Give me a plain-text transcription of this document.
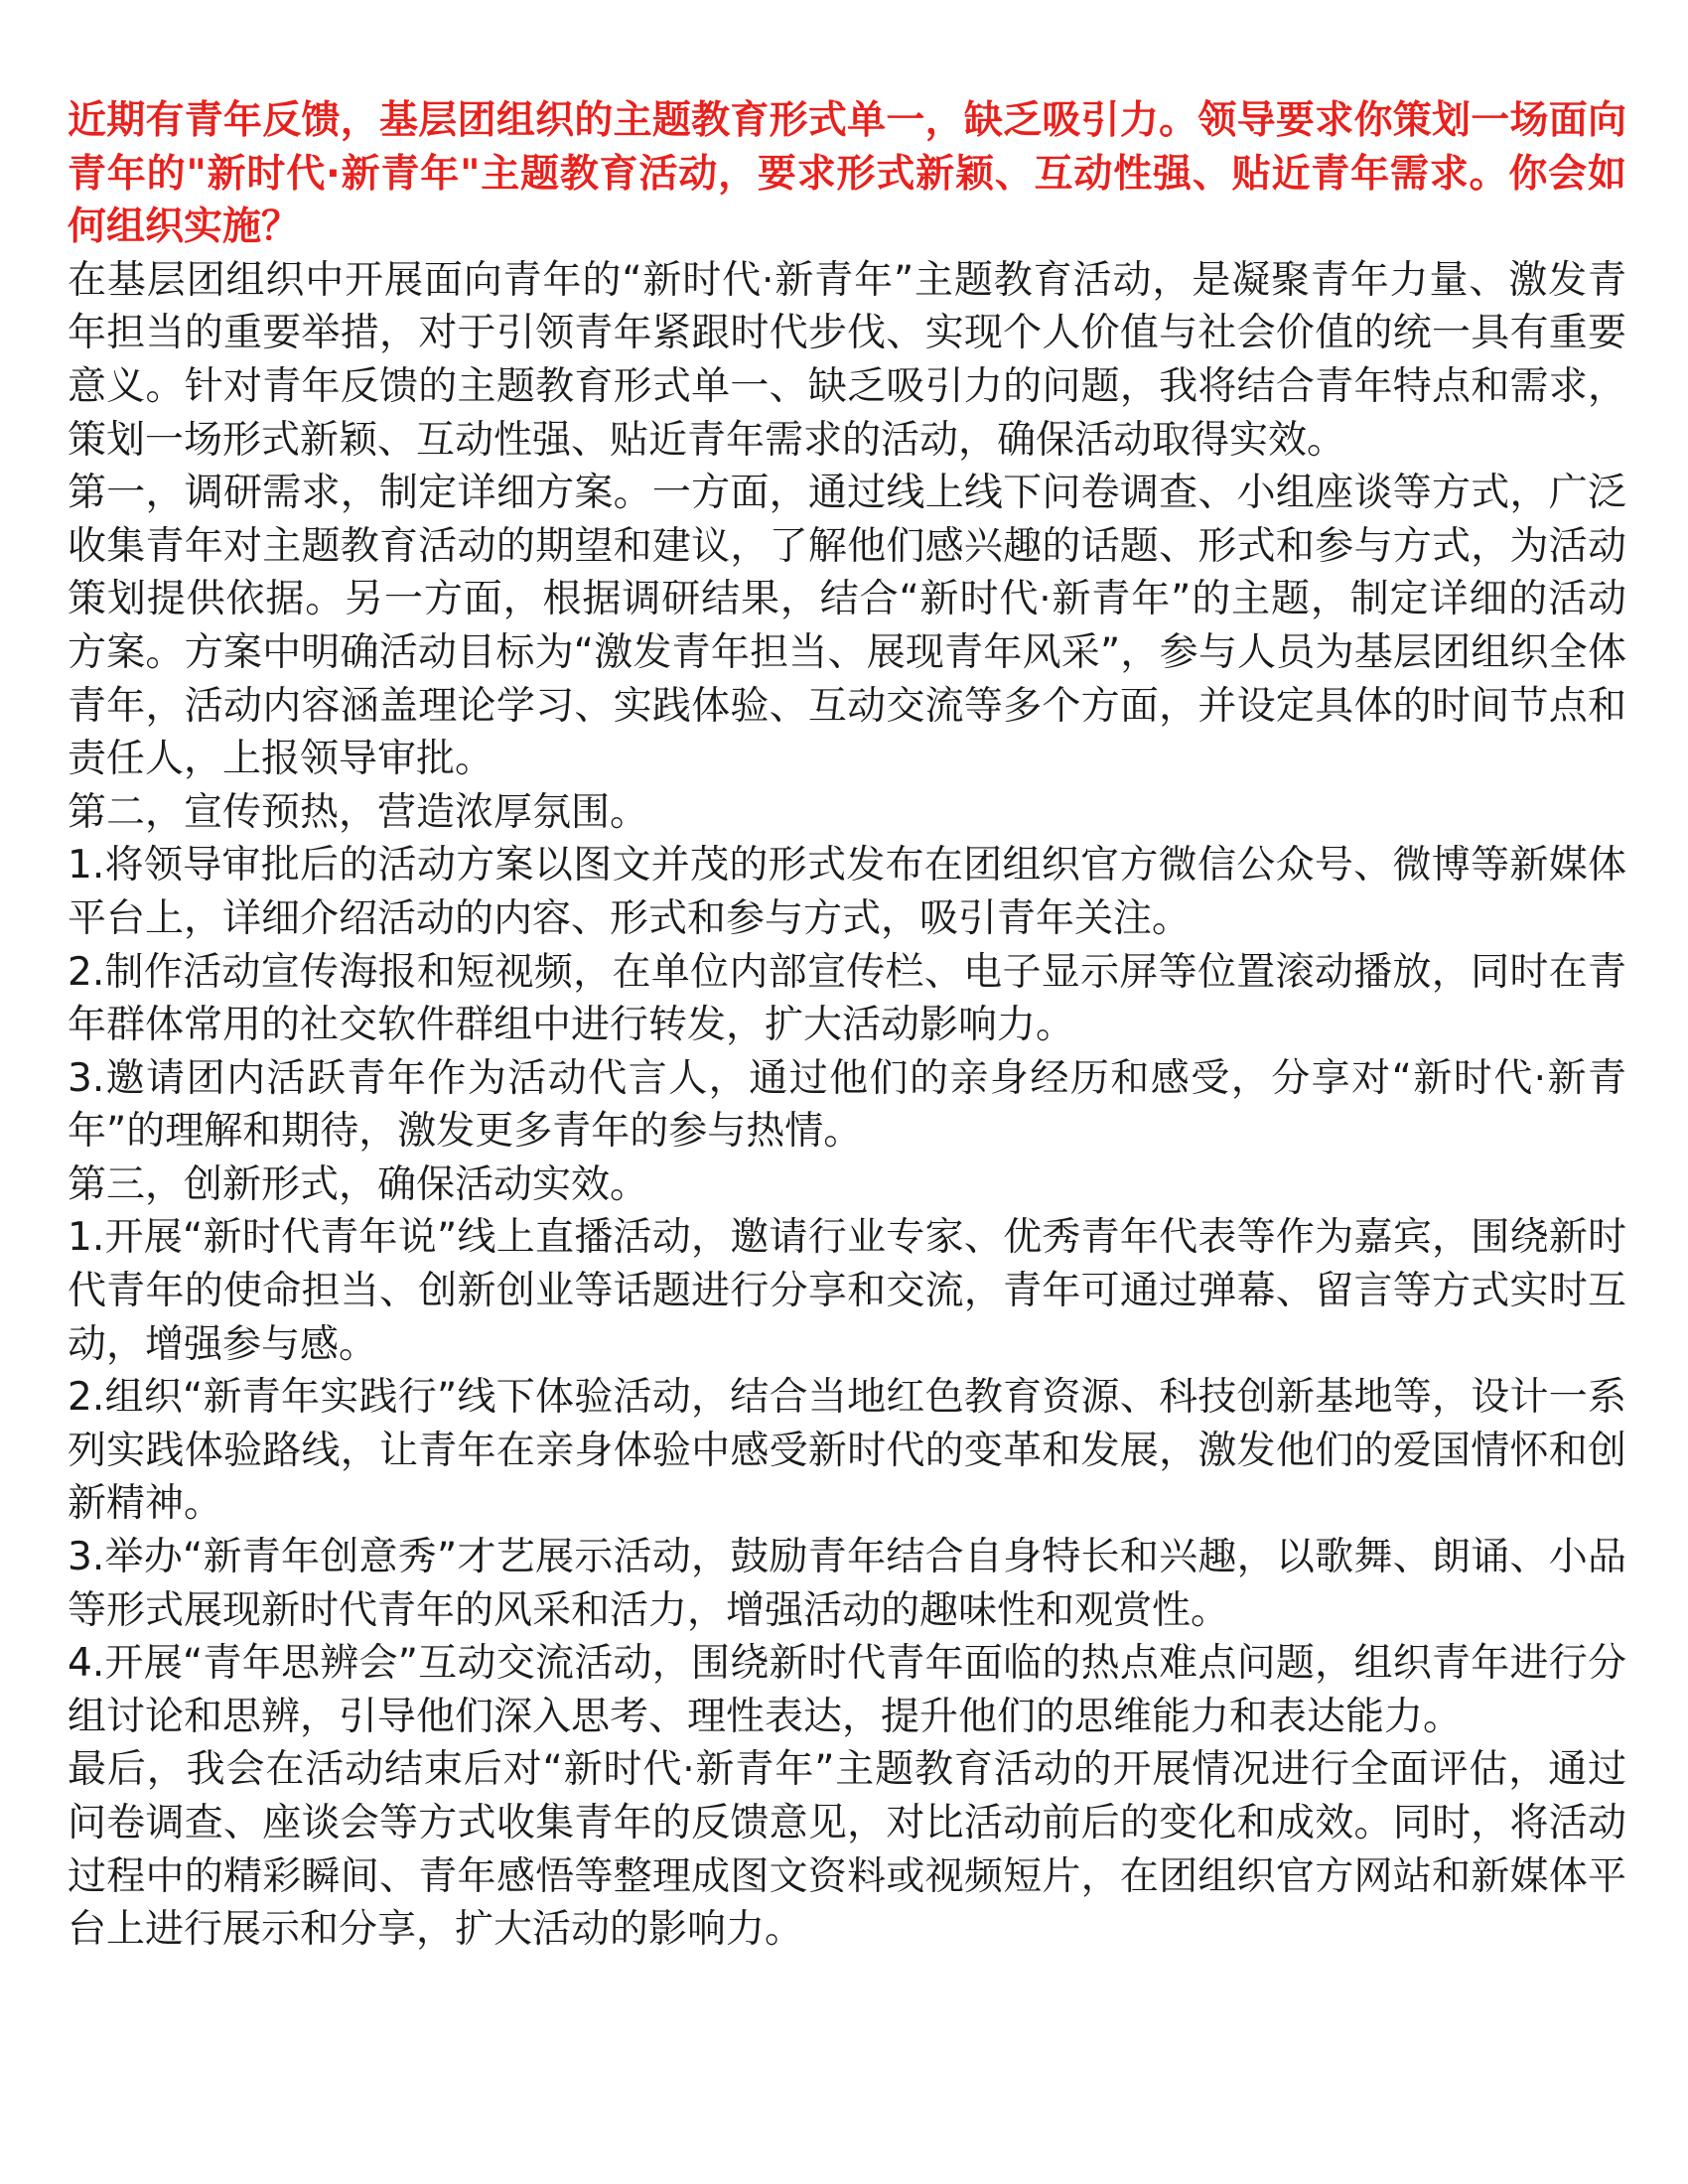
近期有青年反馈，基层团组织的主题教育形式单一，缺乏吸引力。领导要求你策划一场面向青年的"新时代·新青年"主题教育活动，要求形式新颖、互动性强、贴近青年需求。你会如何组织实施？

在基层团组织中开展面向青年的“新时代·新青年”主题教育活动，是凝聚青年力量、激发青年担当的重要举措，对于引领青年紧跟时代步伐、实现个人价值与社会价值的统一具有重要意义。针对青年反馈的主题教育形式单一、缺乏吸引力的问题，我将结合青年特点和需求，策划一场形式新颖、互动性强、贴近青年需求的活动，确保活动取得实效。

第一，调研需求，制定详细方案。一方面，通过线上线下问卷调查、小组座谈等方式，广泛收集青年对主题教育活动的期望和建议，了解他们感兴趣的话题、形式和参与方式，为活动策划提供依据。另一方面，根据调研结果，结合“新时代·新青年”的主题，制定详细的活动方案。方案中明确活动目标为“激发青年担当、展现青年风采”，参与人员为基层团组织全体青年，活动内容涵盖理论学习、实践体验、互动交流等多个方面，并设定具体的时间节点和责任人，上报领导审批。

第二，宣传预热，营造浓厚氛围。

1.将领导审批后的活动方案以图文并茂的形式发布在团组织官方微信公众号、微博等新媒体平台上，详细介绍活动的内容、形式和参与方式，吸引青年关注。

2.制作活动宣传海报和短视频，在单位内部宣传栏、电子显示屏等位置滚动播放，同时在青年群体常用的社交软件群组中进行转发，扩大活动影响力。

3.邀请团内活跃青年作为活动代言人，通过他们的亲身经历和感受，分享对“新时代·新青年”的理解和期待，激发更多青年的参与热情。

第三，创新形式，确保活动实效。

1.开展“新时代青年说”线上直播活动，邀请行业专家、优秀青年代表等作为嘉宾，围绕新时代青年的使命担当、创新创业等话题进行分享和交流，青年可通过弹幕、留言等方式实时互动，增强参与感。

2.组织“新青年实践行”线下体验活动，结合当地红色教育资源、科技创新基地等，设计一系列实践体验路线，让青年在亲身体验中感受新时代的变革和发展，激发他们的爱国情怀和创新精神。

3.举办“新青年创意秀”才艺展示活动，鼓励青年结合自身特长和兴趣，以歌舞、朗诵、小品等形式展现新时代青年的风采和活力，增强活动的趣味性和观赏性。

4.开展“青年思辨会”互动交流活动，围绕新时代青年面临的热点难点问题，组织青年进行分组讨论和思辨，引导他们深入思考、理性表达，提升他们的思维能力和表达能力。

最后，我会在活动结束后对“新时代·新青年”主题教育活动的开展情况进行全面评估，通过问卷调查、座谈会等方式收集青年的反馈意见，对比活动前后的变化和成效。同时，将活动过程中的精彩瞬间、青年感悟等整理成图文资料或视频短片，在团组织官方网站和新媒体平台上进行展示和分享，扩大活动的影响力。
